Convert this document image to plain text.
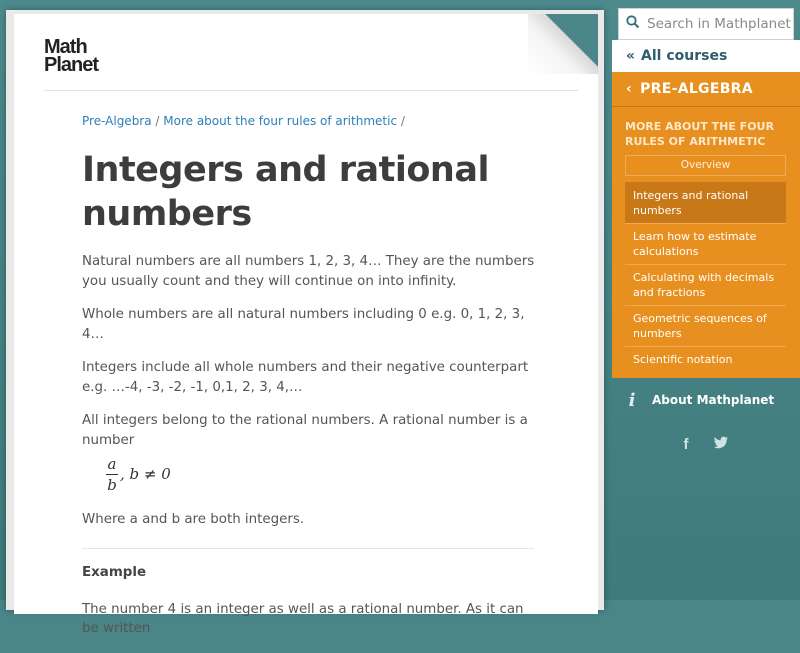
Math
Planet
Pre-Algebra / More about the four rules of arithmetic /
Integers and rational numbers

Natural numbers are all numbers 1, 2, 3, 4… They are the numbers you usually count and they will continue on into infinity.

Whole numbers are all natural numbers including 0 e.g. 0, 1, 2, 3, 4…

Integers include all whole numbers and their negative counterpart e.g. …-4, -3, -2, -1, 0,1, 2, 3, 4,…

All integers belong to the rational numbers. A rational number is a number

$\frac{a}{b}$ , b ≠ 0

Where a and b are both integers.

Example

The number 4 is an integer as well as a rational number. As it can be written

Search in Mathplanet
« All courses
‹ PRE-ALGEBRA
MORE ABOUT THE FOUR RULES OF ARITHMETIC
Overview
Integers and rational numbers
Learn how to estimate calculations
Calculating with decimals and fractions
Geometric sequences of numbers
Scientific notation
i	About Mathplanet
f
